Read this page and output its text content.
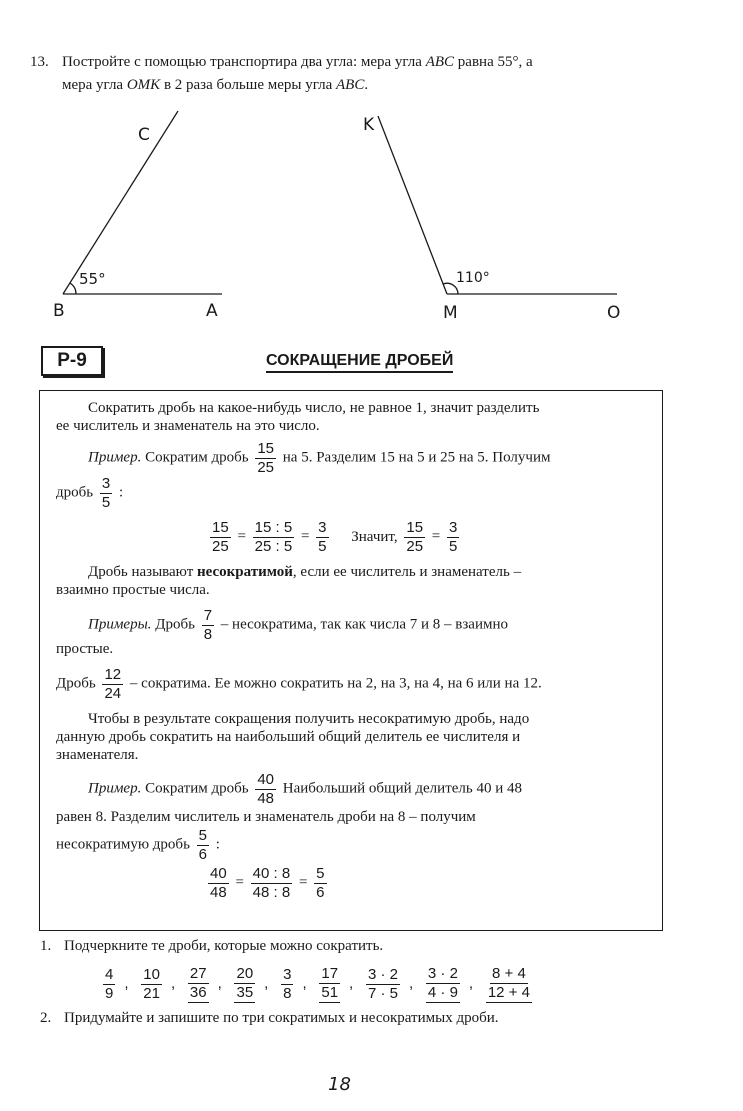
13. Постройте с помощью транспортира два угла: мера угла ABC равна 55°, а
мера угла OMK в 2 раза больше меры угла ABC.
C
B	A
55°
K
M	O
110°
Р-9	СОКРАЩЕНИЕ ДРОБЕЙ
Сократить дробь на какое-нибудь число, не равное 1, значит разделить
ее числитель и знаменатель на это число.
Пример. Сократим дробь $\frac{15}{25}$ на 5. Разделим 15 на 5 и 25 на 5. Получим
дробь $\frac{3}{5}$ :
$\frac{15}{25} = \frac{15 : 5}{25 : 5} = \frac{3}{5}$ Значит, $\frac{15}{25} = \frac{3}{5}$
Дробь называют несократимой, если ее числитель и знаменатель –
взаимно простые числа.
Примеры. Дробь $\frac{7}{8}$ – несократима, так как числа 7 и 8 – взаимно
простые.
Дробь $\frac{12}{24}$ – сократима. Ее можно сократить на 2, на 3, на 4, на 6 или на 12.
Чтобы в результате сокращения получить несократимую дробь, надо
данную дробь сократить на наибольший общий делитель ее числителя и
знаменателя.
Пример. Сократим дробь $\frac{40}{48}$ Наибольший общий делитель 40 и 48
равен 8. Разделим числитель и знаменатель дроби на 8 – получим
несократимую дробь $\frac{5}{6}$ :
$\frac{40}{48} = \frac{40 : 8}{48 : 8} = \frac{5}{6}$
1. Подчеркните те дроби, которые можно сократить.
$\frac{4}{9}$ , $\frac{10}{21}$ , $\frac{27}{36}$ , $\frac{20}{35}$ , $\frac{3}{8}$ , $\frac{17}{51}$ , $\frac{3 \cdot 2}{7 \cdot 5}$ , $\frac{3 \cdot 2}{4 \cdot 9}$ , $\frac{8 + 4}{12 + 4}$
2. Придумайте и запишите по три сократимых и несократимых дроби.
18
